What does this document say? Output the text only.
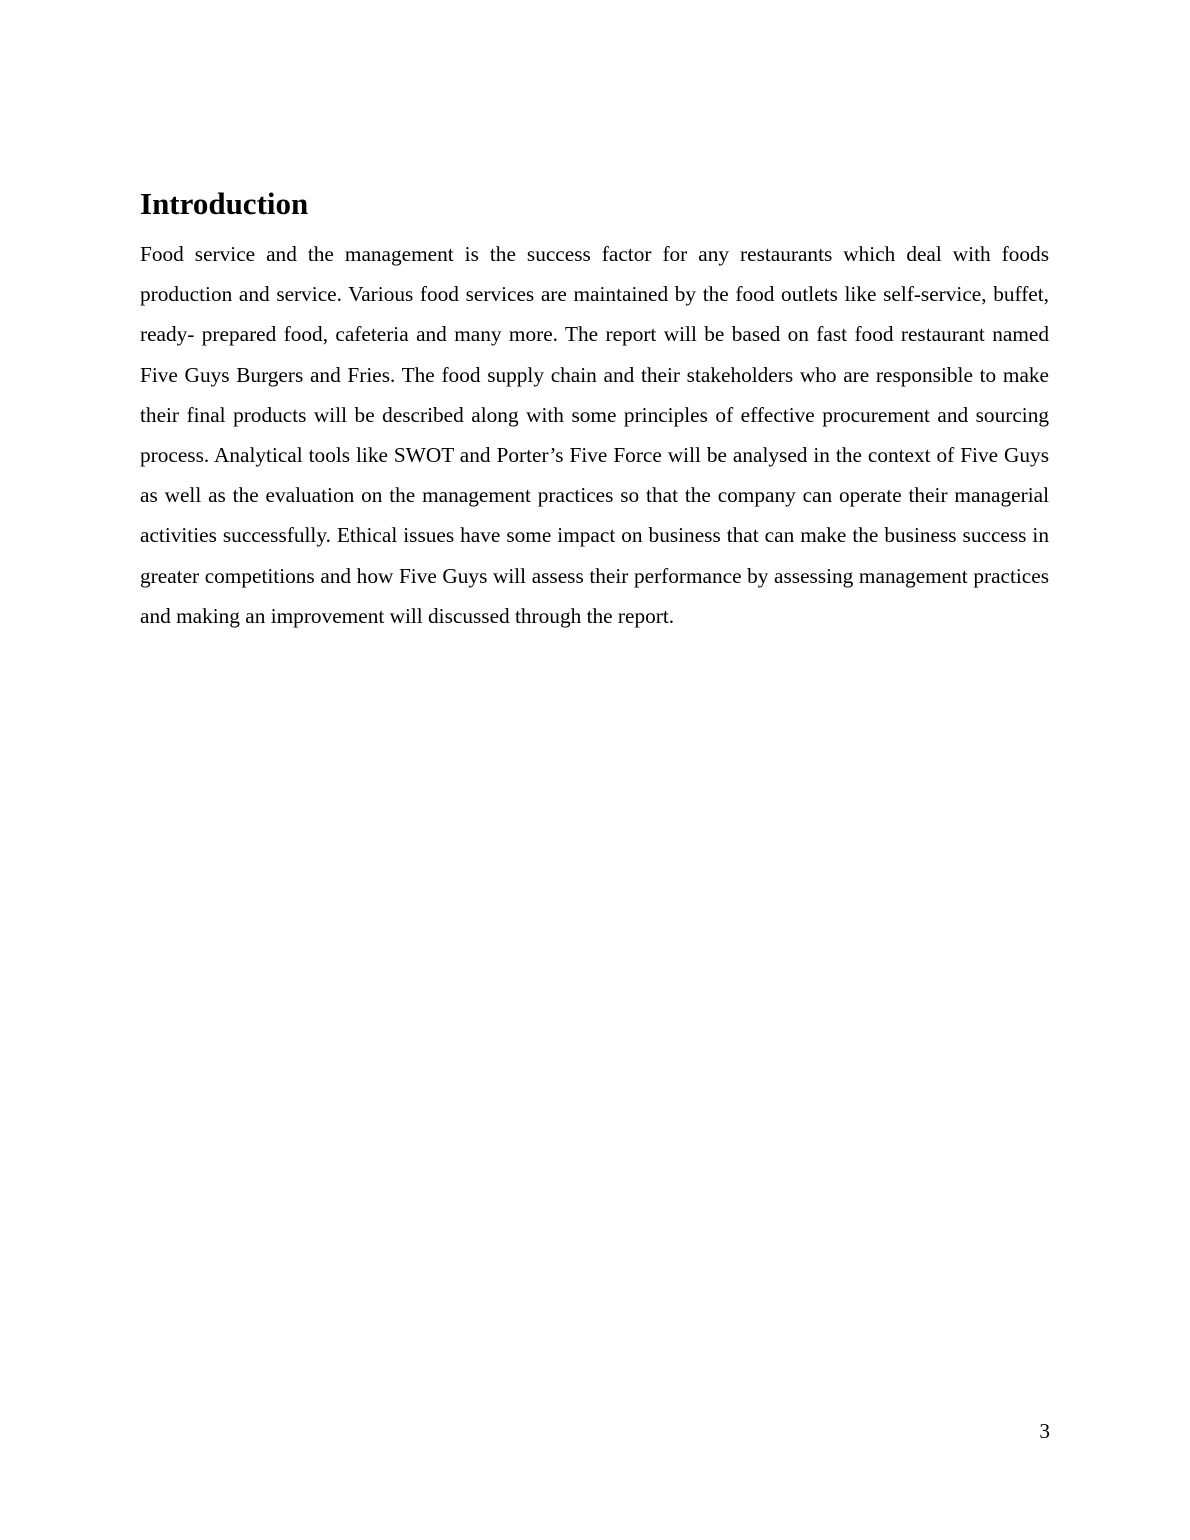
Introduction

Food service and the management is the success factor for any restaurants which deal with foods production and service. Various food services are maintained by the food outlets like self-service, buffet, ready- prepared food, cafeteria and many more. The report will be based on fast food restaurant named Five Guys Burgers and Fries. The food supply chain and their stakeholders who are responsible to make their final products will be described along with some principles of effective procurement and sourcing process. Analytical tools like SWOT and Porter’s Five Force will be analysed in the context of Five Guys as well as the evaluation on the management practices so that the company can operate their managerial activities successfully. Ethical issues have some impact on business that can make the business success in greater competitions and how Five Guys will assess their performance by assessing management practices and making an improvement will discussed through the report.

3
